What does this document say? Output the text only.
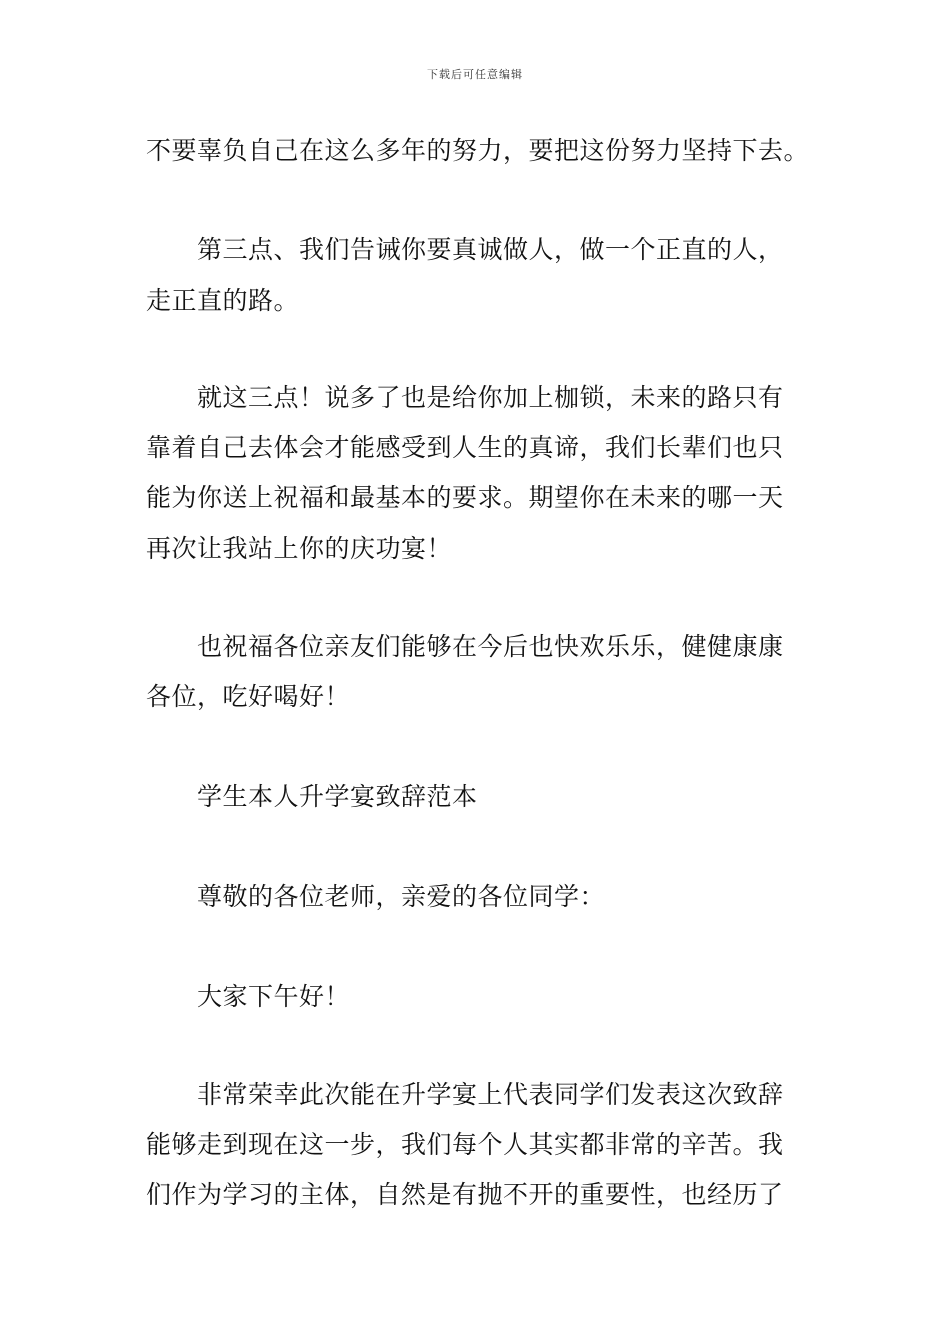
下载后可任意编辑
不要辜负自己在这么多年的努力，要把这份努力坚持下去。
第三点、我们告诫你要真诚做人，做一个正直的人，
走正直的路。
就这三点！说多了也是给你加上枷锁，未来的路只有
靠着自己去体会才能感受到人生的真谛，我们长辈们也只
能为你送上祝福和最基本的要求。期望你在未来的哪一天
再次让我站上你的庆功宴！
也祝福各位亲友们能够在今后也快欢乐乐，健健康康
各位，吃好喝好！
学生本人升学宴致辞范本
尊敬的各位老师，亲爱的各位同学：
大家下午好！
非常荣幸此次能在升学宴上代表同学们发表这次致辞
能够走到现在这一步，我们每个人其实都非常的辛苦。我
们作为学习的主体，自然是有抛不开的重要性，也经历了
